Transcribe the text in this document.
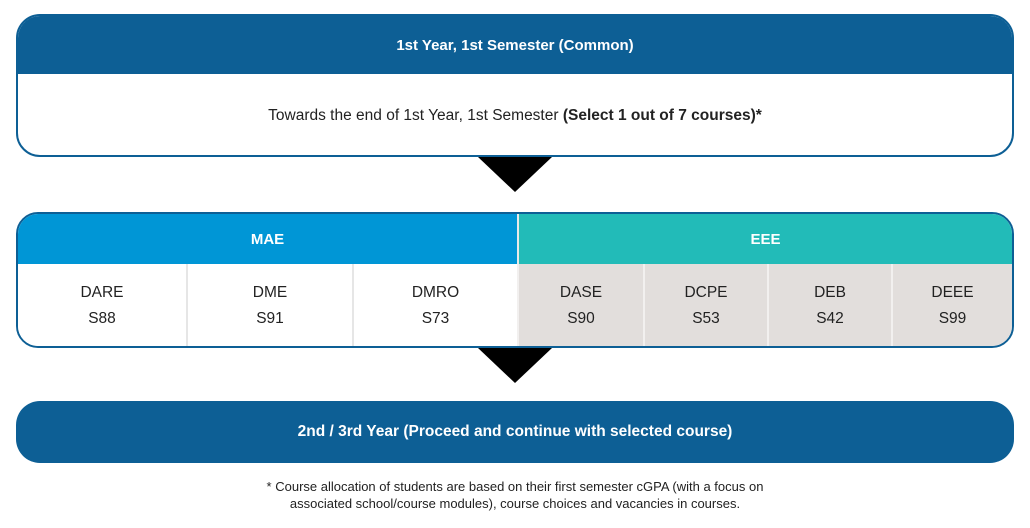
1st Year, 1st Semester (Common)
Towards the end of 1st Year, 1st Semester (Select 1 out of 7 courses)*
MAE	EEE
DARE
S88
DME
S91
DMRO
S73
DASE
S90
DCPE
S53
DEB
S42
DEEE
S99
2nd / 3rd Year (Proceed and continue with selected course)
* Course allocation of students are based on their first semester cGPA (with a focus on
associated school/course modules), course choices and vacancies in courses.
